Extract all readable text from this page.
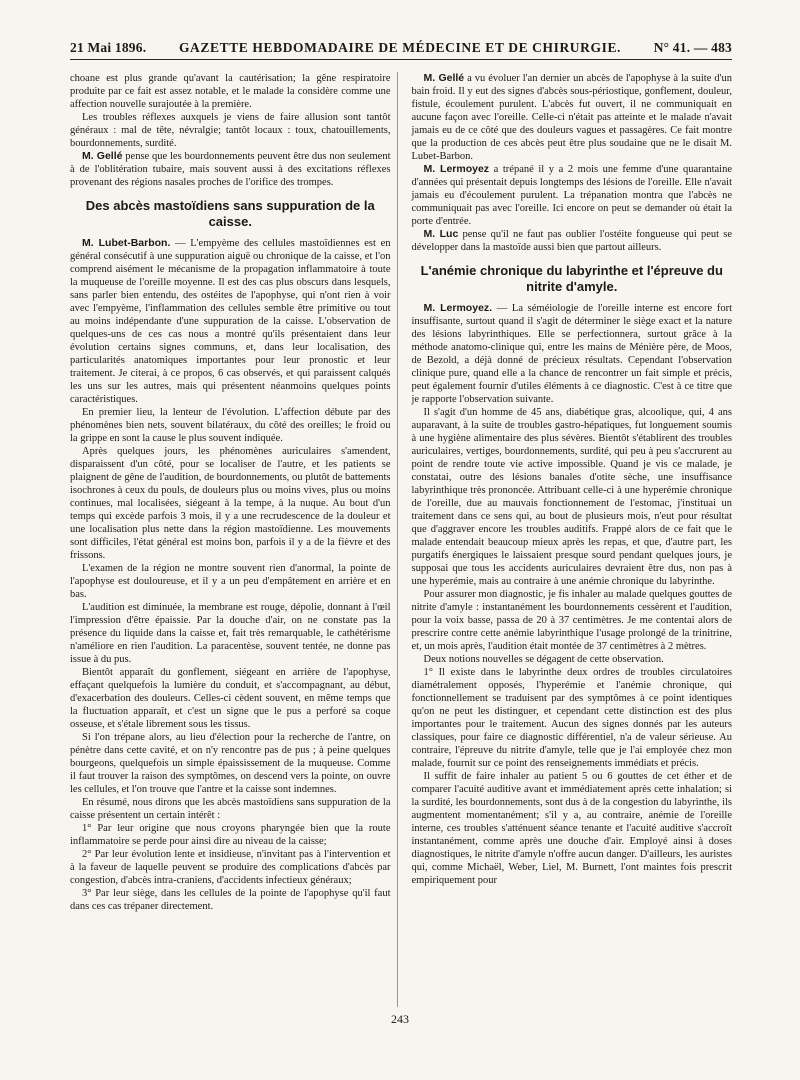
21 Mai 1896. GAZETTE HEBDOMADAIRE DE MÉDECINE ET DE CHIRURGIE. N° 41. — 483

choane est plus grande qu'avant la cautérisation; la gêne respiratoire produite par ce fait est assez notable, et le malade la considère comme une affection nouvelle surajoutée à la première.

Les troubles réflexes auxquels je viens de faire allusion sont tantôt généraux : mal de tête, névralgie; tantôt locaux : toux, chatouillements, bourdonnements, surdité.

M. Gellé pense que les bourdonnements peuvent être dus non seulement à de l'oblitération tubaire, mais souvent aussi à des excitations réflexes provenant des régions nasales proches de l'orifice des trompes.

Des abcès mastoïdiens sans suppuration de la caisse.

M. Lubet-Barbon. — L'empyème des cellules mastoïdiennes est en général consécutif à une suppuration aiguë ou chronique de la caisse, et l'on comprend aisément le mécanisme de la propagation inflammatoire à toute la muqueuse de l'oreille moyenne. Il est des cas plus obscurs dans lesquels, sans parler bien entendu, des ostéites de l'apophyse, qui n'ont rien à voir avec l'empyème, l'inflammation des cellules semble être primitive ou tout au moins indépendante d'une suppuration de la caisse. L'observation de quelques-uns de ces cas nous a montré qu'ils présentaient dans leur évolution certains signes communs, et, dans leur localisation, des particularités anatomiques importantes pour leur pronostic et leur traitement. Je citerai, à ce propos, 6 cas observés, et qui paraissent calqués les uns sur les autres, mais qui présentent néanmoins quelques points caractéristiques.

En premier lieu, la lenteur de l'évolution. L'affection débute par des phénomènes bien nets, souvent bilatéraux, du côté des oreilles; le froid ou la grippe en sont la cause le plus souvent indiquée.

Après quelques jours, les phénomènes auriculaires s'amendent, disparaissent d'un côté, pour se localiser de l'autre, et les patients se plaignent de gêne de l'audition, de bourdonnements, ou plutôt de battements isochrones à ceux du pouls, de douleurs plus ou moins vives, plus ou moins continues, mal localisées, siégeant à la tempe, à la nuque. Au bout d'un temps qui excède parfois 3 mois, il y a une recrudescence de la douleur et une localisation plus nette dans la région mastoïdienne. Les mouvements sont difficiles, l'état général est moins bon, parfois il y a de la fièvre et des frissons.

L'examen de la région ne montre souvent rien d'anormal, la pointe de l'apophyse est douloureuse, et il y a un peu d'empâtement en arrière et en bas.

L'audition est diminuée, la membrane est rouge, dépolie, donnant à l'œil l'impression d'être épaissie. Par la douche d'air, on ne constate pas la présence du liquide dans la caisse et, fait très remarquable, le cathétérisme n'améliore en rien l'audition. La paracentèse, souvent tentée, ne donne pas issue à du pus.

Bientôt apparaît du gonflement, siégeant en arrière de l'apophyse, effaçant quelquefois la lumière du conduit, et s'accompagnant, au début, d'exacerbation des douleurs. Celles-ci cèdent souvent, en même temps que la fluctuation apparaît, et c'est un signe que le pus a perforé sa coque osseuse, et s'étale librement sous les tissus.

Si l'on trépane alors, au lieu d'élection pour la recherche de l'antre, on pénètre dans cette cavité, et on n'y rencontre pas de pus ; à peine quelques bourgeons, quelquefois un simple épaississement de la muqueuse. Comme il faut trouver la raison des symptômes, on descend vers la pointe, on ouvre les cellules, et l'on trouve que l'antre et la caisse sont indemnes.

En résumé, nous dirons que les abcès mastoïdiens sans suppuration de la caisse présentent un certain intérêt :

1° Par leur origine que nous croyons pharyngée bien que la route inflammatoire se perde pour ainsi dire au niveau de la caisse;

2° Par leur évolution lente et insidieuse, n'invitant pas à l'intervention et à la faveur de laquelle peuvent se produire des complications d'abcès par congestion, d'abcès intra-craniens, d'accidents infectieux généraux;

3° Par leur siège, dans les cellules de la pointe de l'apophyse qu'il faut dans ces cas trépaner directement.

M. Gellé a vu évoluer l'an dernier un abcès de l'apophyse à la suite d'un bain froid. Il y eut des signes d'abcès sous-périostique, gonflement, douleur, fistule, écoulement purulent. L'abcès fut ouvert, il ne communiquait en aucune façon avec l'oreille. Celle-ci n'était pas atteinte et le malade n'avait jamais eu de ce côté que des douleurs vagues et passagères. Ce fait montre que la production de ces abcès peut être plus soudaine que ne le disait M. Lubet-Barbon.

M. Lermoyez a trépané il y a 2 mois une femme d'une quarantaine d'années qui présentait depuis longtemps des lésions de l'oreille. Elle n'avait jamais eu d'écoulement purulent. La trépanation montra que l'abcès ne communiquait pas avec l'oreille. Ici encore on peut se demander où était la porte d'entrée.

M. Luc pense qu'il ne faut pas oublier l'ostéite fongueuse qui peut se développer dans la mastoïde aussi bien que partout ailleurs.

L'anémie chronique du labyrinthe et l'épreuve du nitrite d'amyle.

M. Lermoyez. — La séméiologie de l'oreille interne est encore fort insuffisante, surtout quand il s'agit de déterminer le siège exact et la nature des lésions labyrinthiques. Elle se perfectionnera, surtout grâce à la méthode anatomo-clinique qui, entre les mains de Ménière père, de Moos, de Bezold, a déjà donné de précieux résultats. Cependant l'observation clinique pure, quand elle a la chance de rencontrer un fait simple et précis, peut également fournir d'utiles éléments à ce diagnostic. C'est à ce titre que je rapporte l'observation suivante.

Il s'agit d'un homme de 45 ans, diabétique gras, alcoolique, qui, 4 ans auparavant, à la suite de troubles gastro-hépatiques, fut longuement soumis à une hygiène alimentaire des plus sévères. Bientôt s'établirent des troubles auriculaires, vertiges, bourdonnements, surdité, qui peu à peu s'accrurent au point de rendre toute vie active impossible. Quand je vis ce malade, je constatai, outre des lésions banales d'otite sèche, une insuffisance labyrinthique très prononcée. Attribuant celle-ci à une hyperémie chronique de l'oreille, due au mauvais fonctionnement de l'estomac, j'instituai un traitement dans ce sens qui, au bout de plusieurs mois, n'eut pour résultat que d'aggraver encore les troubles auditifs. Frappé alors de ce fait que le malade entendait beaucoup mieux après les repas, et que, d'autre part, les purgatifs énergiques le laissaient presque sourd pendant quelques jours, je supposai que tous les accidents auriculaires devraient être dus, non pas à une hyperémie, mais au contraire à une anémie chronique du labyrinthe.

Pour assurer mon diagnostic, je fis inhaler au malade quelques gouttes de nitrite d'amyle : instantanément les bourdonnements cessèrent et l'audition, pour la voix basse, passa de 20 à 37 centimètres. Je me contentai alors de prescrire contre cette anémie labyrinthique l'usage prolongé de la trinitrine, et, un mois après, l'audition était montée de 37 centimètres à 2 mètres.

Deux notions nouvelles se dégagent de cette observation.

1° Il existe dans le labyrinthe deux ordres de troubles circulatoires diamétralement opposés, l'hyperémie et l'anémie chronique, qui fonctionnellement se traduisent par des symptômes à ce point identiques qu'on ne peut les distinguer, et cependant cette distinction est des plus importantes pour le traitement. Aucun des signes donnés par les auteurs classiques, pour faire ce diagnostic différentiel, n'a de valeur sérieuse. Au contraire, l'épreuve du nitrite d'amyle, telle que je l'ai employée chez mon malade, fournit sur ce point des renseignements immédiats et précis.

Il suffit de faire inhaler au patient 5 ou 6 gouttes de cet éther et de comparer l'acuité auditive avant et immédiatement après cette inhalation; si la surdité, les bourdonnements, sont dus à de la congestion du labyrinthe, ils augmentent momentanément; s'il y a, au contraire, anémie de l'oreille interne, ces troubles s'atténuent séance tenante et l'acuité auditive s'accroît instantanément, comme après une douche d'air. Employé ainsi à doses diagnostiques, le nitrite d'amyle n'offre aucun danger. D'ailleurs, les auristes qui, comme Michaël, Weber, Liel, M. Burnett, l'ont maintes fois prescrit empiriquement pour

243
